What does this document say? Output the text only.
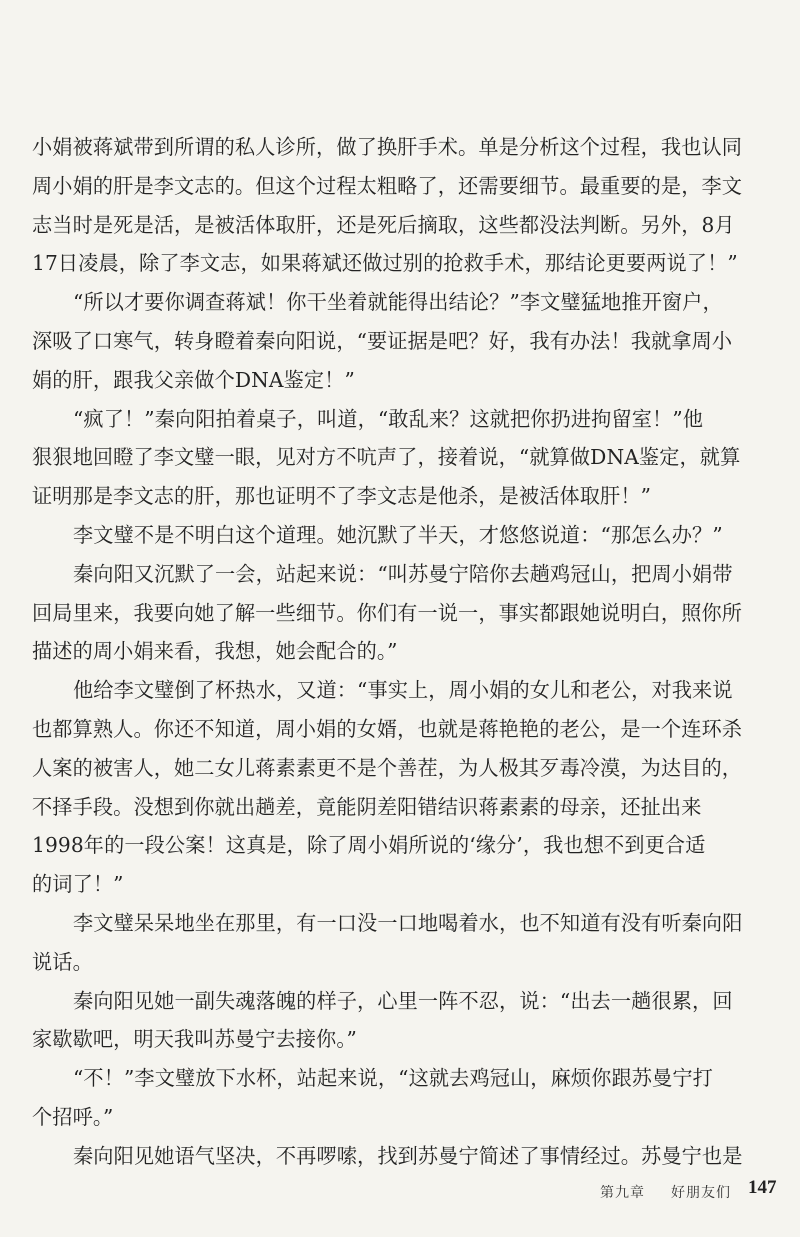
小娟被蒋斌带到所谓的私人诊所，做了换肝手术。单是分析这个过程，我也认同
周小娟的肝是李文志的。但这个过程太粗略了，还需要细节。最重要的是，李文
志当时是死是活，是被活体取肝，还是死后摘取，这些都没法判断。另外，8月
17日凌晨，除了李文志，如果蒋斌还做过别的抢救手术，那结论更要两说了！”
“所以才要你调查蒋斌！你干坐着就能得出结论？”李文璧猛地推开窗户，
深吸了口寒气，转身瞪着秦向阳说，“要证据是吧？好，我有办法！我就拿周小
娟的肝，跟我父亲做个DNA鉴定！”
“疯了！”秦向阳拍着桌子，叫道，“敢乱来？这就把你扔进拘留室！”他
狠狠地回瞪了李文璧一眼，见对方不吭声了，接着说，“就算做DNA鉴定，就算
证明那是李文志的肝，那也证明不了李文志是他杀，是被活体取肝！”
李文璧不是不明白这个道理。她沉默了半天，才悠悠说道：“那怎么办？”
秦向阳又沉默了一会，站起来说：“叫苏曼宁陪你去趟鸡冠山，把周小娟带
回局里来，我要向她了解一些细节。你们有一说一，事实都跟她说明白，照你所
描述的周小娟来看，我想，她会配合的。”
他给李文璧倒了杯热水，又道：“事实上，周小娟的女儿和老公，对我来说
也都算熟人。你还不知道，周小娟的女婿，也就是蒋艳艳的老公，是一个连环杀
人案的被害人，她二女儿蒋素素更不是个善茬，为人极其歹毒冷漠，为达目的，
不择手段。没想到你就出趟差，竟能阴差阳错结识蒋素素的母亲，还扯出来
1998年的一段公案！这真是，除了周小娟所说的‘缘分’，我也想不到更合适
的词了！”
李文璧呆呆地坐在那里，有一口没一口地喝着水，也不知道有没有听秦向阳
说话。
秦向阳见她一副失魂落魄的样子，心里一阵不忍，说：“出去一趟很累，回
家歇歇吧，明天我叫苏曼宁去接你。”
“不！”李文璧放下水杯，站起来说，“这就去鸡冠山，麻烦你跟苏曼宁打
个招呼。”
秦向阳见她语气坚决，不再啰嗦，找到苏曼宁简述了事情经过。苏曼宁也是
第九章 好朋友们 147
